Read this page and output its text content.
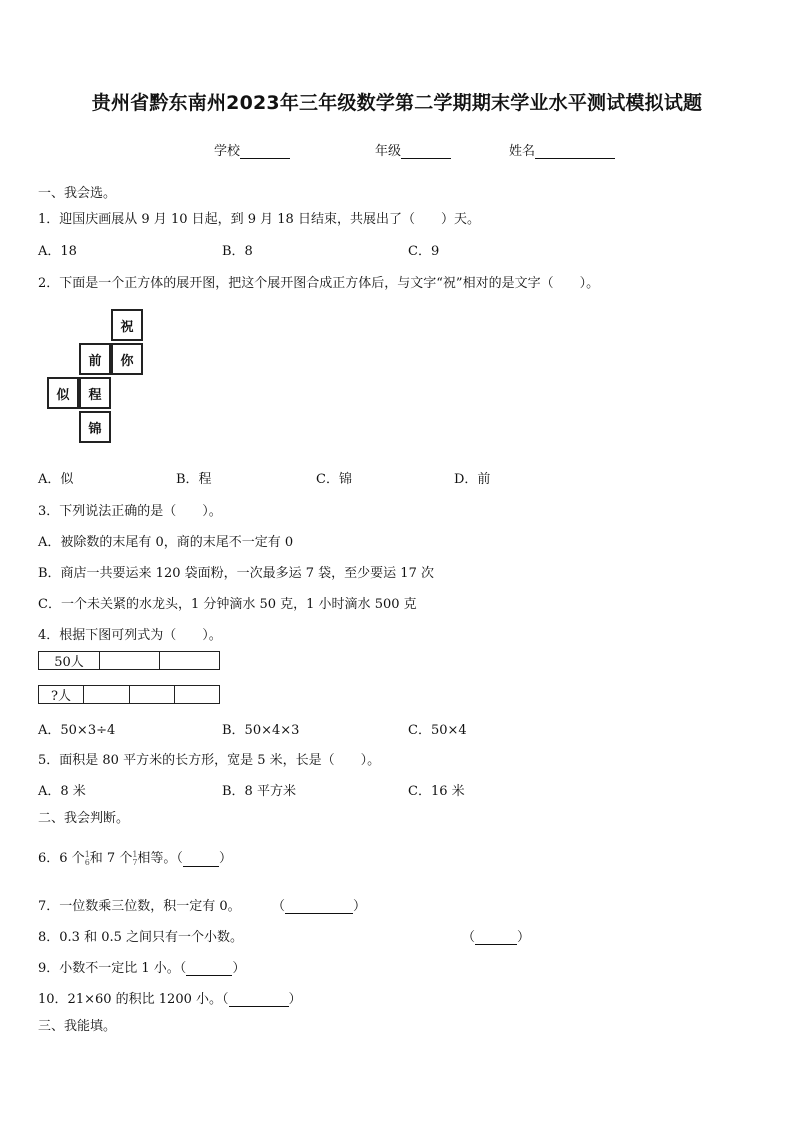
贵州省黔东南州2023年三年级数学第二学期期末学业水平测试模拟试题
学校	年级	姓名
一、我会选。
1．迎国庆画展从 9 月 10 日起，到 9 月 18 日结束，共展出了（　　）天。
A．18	B．8	C．9
2．下面是一个正方体的展开图，把这个展开图合成正方体后，与文字“祝”相对的是文字（　　）。
祝
前	你
似	程
锦
A．似	B．程	C．锦	D．前
3．下列说法正确的是（　　）。
A．被除数的末尾有 0，商的末尾不一定有 0
B．商店一共要运来 120 袋面粉，一次最多运 7 袋，至少要运 17 次
C．一个未关紧的水龙头，1 分钟滴水 50 克，1 小时滴水 500 克
4．根据下图可列式为（　　）。
50人
?人
A．50×3÷4	B．50×4×3	C．50×4
5．面积是 80 平方米的长方形，宽是 5 米，长是（　　）。
A．8 米	B．8 平方米	C．16 米
二、我会判断。
6．6 个 1
6 和 7 个 1
7 相等。（	）
7．一位数乘三位数，积一定有 0。 （	）
8．0.3 和 0.5 之间只有一个小数。	（	）
9．小数不一定比 1 小。（	）
10．21×60 的积比 1200 小。（	）
三、我能填。
